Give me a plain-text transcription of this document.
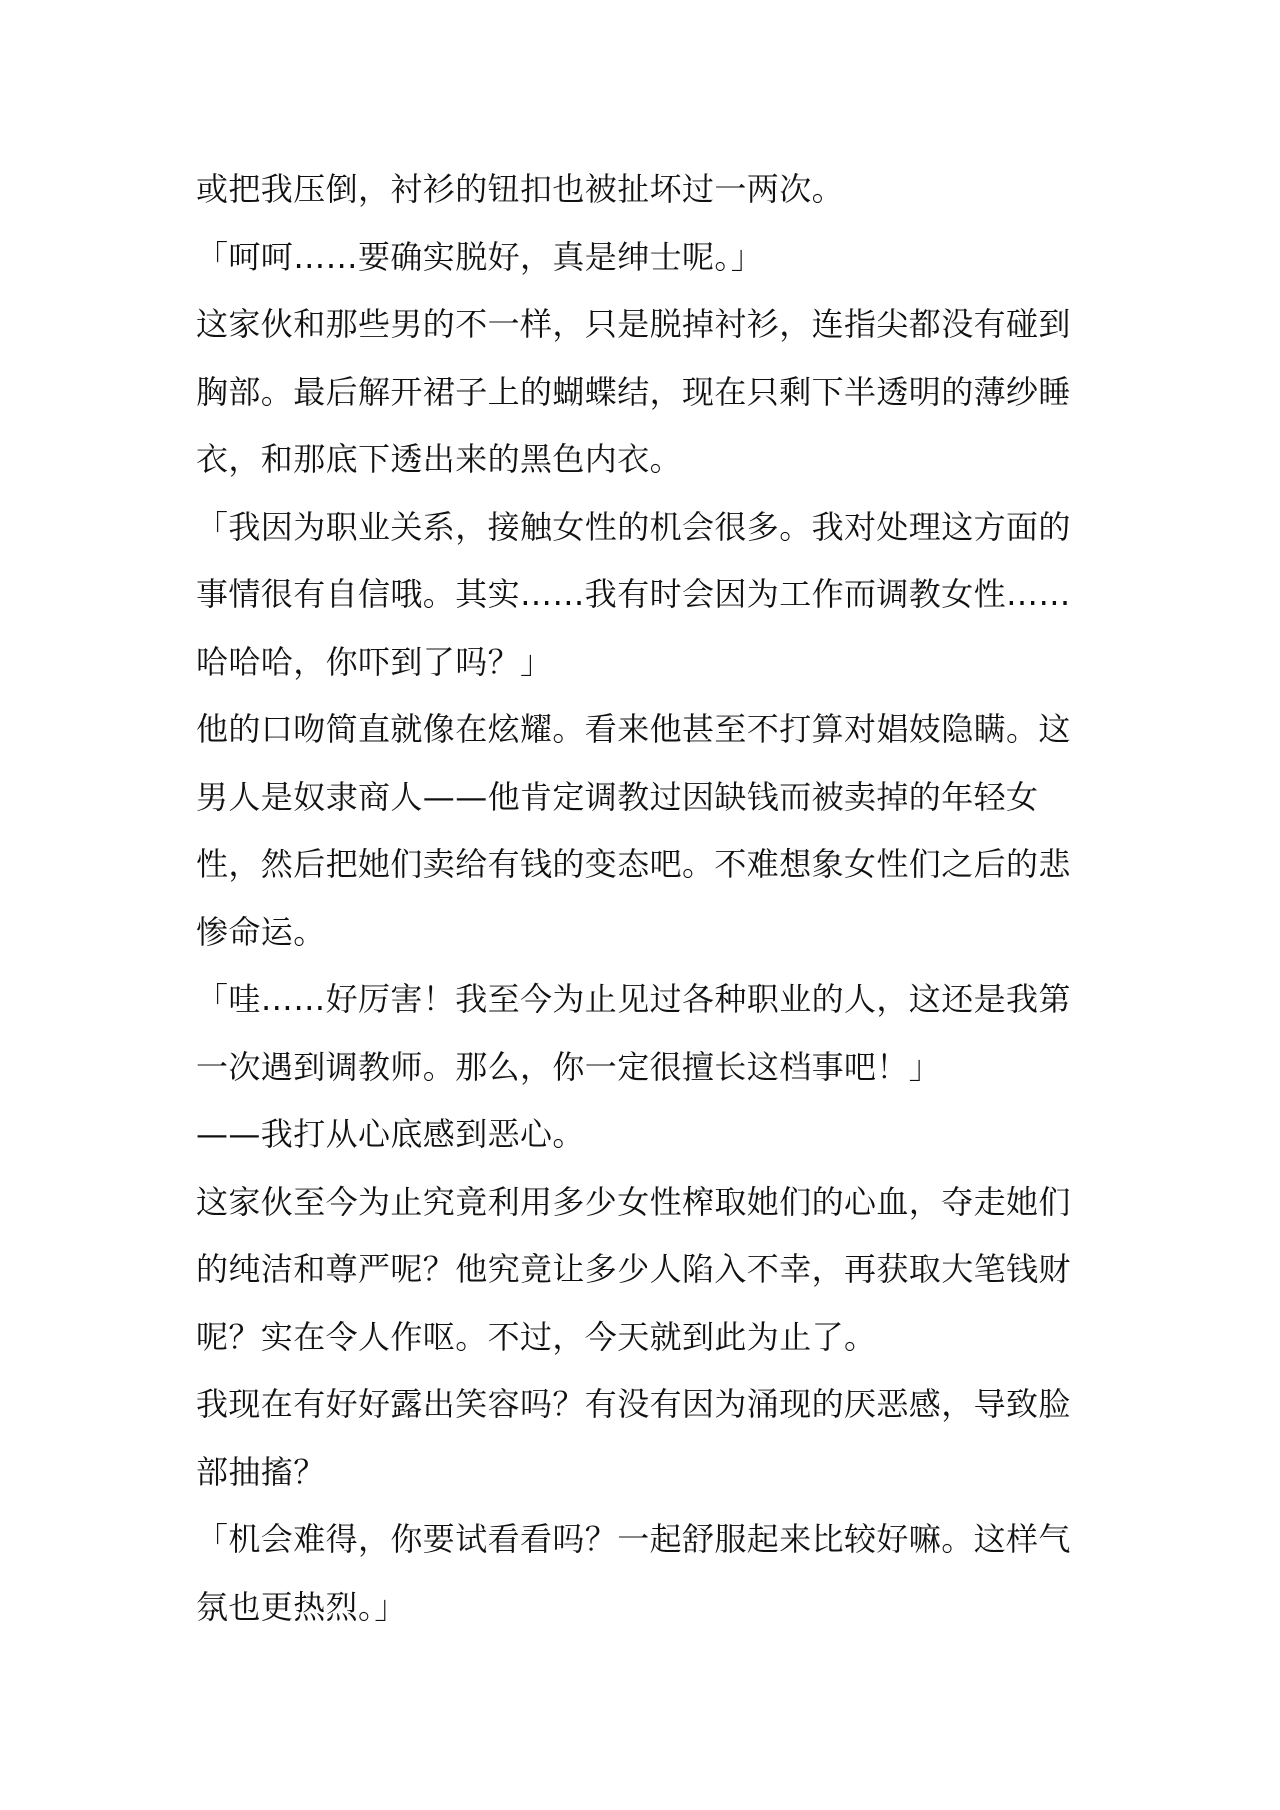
或把我压倒，衬衫的钮扣也被扯坏过一两次。

「呵呵……要确实脱好，真是绅士呢。」

这家伙和那些男的不一样，只是脱掉衬衫，连指尖都没有碰到胸部。最后解开裙子上的蝴蝶结，现在只剩下半透明的薄纱睡衣，和那底下透出来的黑色内衣。

「我因为职业关系，接触女性的机会很多。我对处理这方面的事情很有自信哦。其实……我有时会因为工作而调教女性……哈哈哈，你吓到了吗？」

他的口吻简直就像在炫耀。看来他甚至不打算对娼妓隐瞒。这男人是奴隶商人——他肯定调教过因缺钱而被卖掉的年轻女性，然后把她们卖给有钱的变态吧。不难想象女性们之后的悲惨命运。

「哇……好厉害！我至今为止见过各种职业的人，这还是我第一次遇到调教师。那么，你一定很擅长这档事吧！」

——我打从心底感到恶心。

这家伙至今为止究竟利用多少女性榨取她们的心血，夺走她们的纯洁和尊严呢？他究竟让多少人陷入不幸，再获取大笔钱财呢？实在令人作呕。不过，今天就到此为止了。

我现在有好好露出笑容吗？有没有因为涌现的厌恶感，导致脸部抽搐？

「机会难得，你要试看看吗？一起舒服起来比较好嘛。这样气氛也更热烈。」
